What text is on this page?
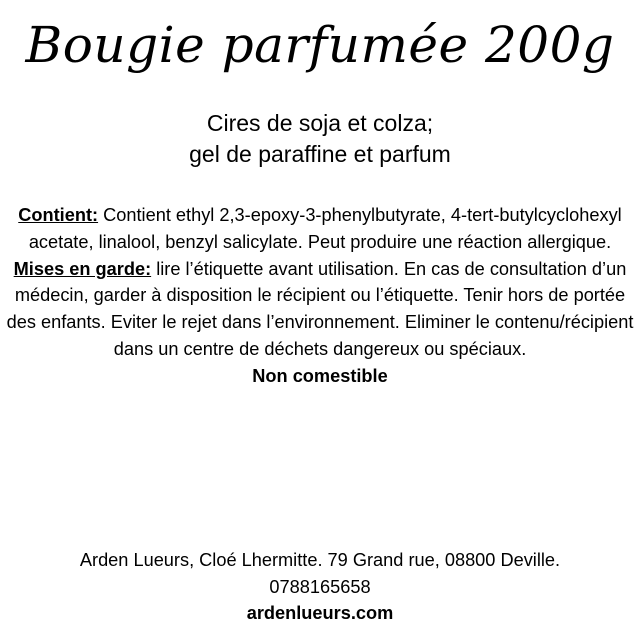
Bougie parfumée 200g
Cires de soja et colza;
gel de paraffine et parfum
Contient: Contient ethyl 2,3-epoxy-3-phenylbutyrate, 4-tert-butylcyclohexyl acetate, linalool, benzyl salicylate. Peut produire une réaction allergique. Mises en garde: lire l’étiquette avant utilisation. En cas de consultation d’un médecin, garder à disposition le récipient ou l’étiquette. Tenir hors de portée des enfants. Eviter le rejet dans l’environnement. Eliminer le contenu/récipient dans un centre de déchets dangereux ou spéciaux.
Non comestible
Arden Lueurs, Cloé Lhermitte. 79 Grand rue, 08800 Deville.
0788165658
ardenlueurs.com
